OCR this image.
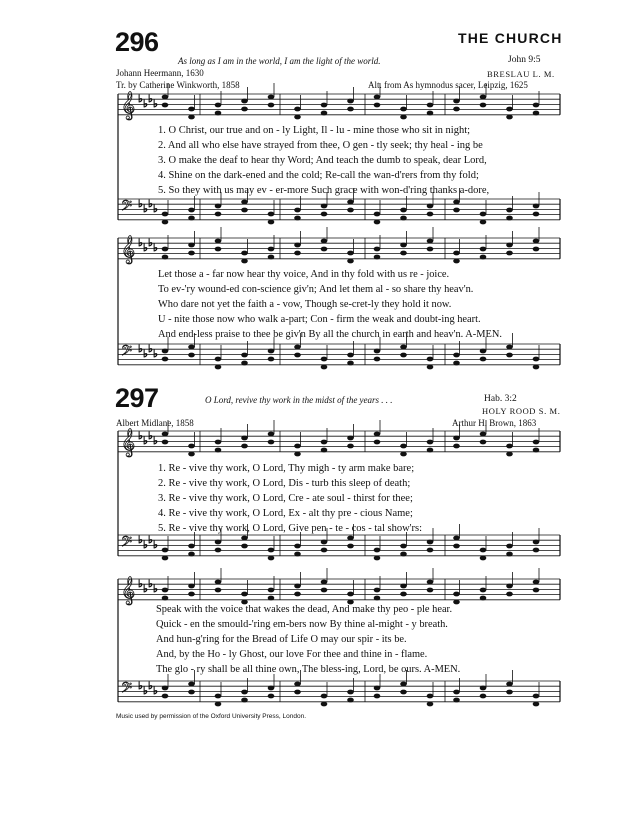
296	THE CHURCH
As long as I am in the world, I am the light of the world.	John 9:5
Johann Heermann, 1630	BRESLAU L. M.
Tr. by Catherine Winkworth, 1858	Alt. from As hymnodus sacer, Leipzig, 1625
𝄞 ♭ ♭ ♭ ♭
𝄢 ♭ ♭ ♭ ♭
𝄞 ♭ ♭ ♭ ♭
𝄢 ♭ ♭ ♭ ♭
𝄞 ♭ ♭ ♭ ♭
𝄢 ♭ ♭ ♭ ♭
𝄞 ♭ ♭ ♭ ♭
𝄢 ♭ ♭ ♭ ♭
1. O Christ, our true and on - ly Light, Il - lu - mine those who sit in night;
2. And all who else have strayed from thee, O gen - tly seek; thy heal - ing be
3. O make the deaf to hear thy Word; And teach the dumb to speak, dear Lord,
4. Shine on the dark-ened and the cold; Re-call the wan-d'rers from thy fold;
5. So they with us may ev - er-more Such grace with won-d'ring thanks a-dore,
Let those a - far now hear thy voice, And in thy fold with us re - joice.
To ev-'ry wound-ed con-science giv'n; And let them al - so share thy heav'n.
Who dare not yet the faith a - vow, Though se-cret-ly they hold it now.
U - nite those now who walk a-part; Con - firm the weak and doubt-ing heart.
And end-less praise to thee be giv'n By all the church in earth and heav'n. A-MEN.
297	O Lord, revive thy work in the midst of the years . . .	Hab. 3:2
HOLY ROOD S. M.
Albert Midlane, 1858	Arthur H. Brown, 1863
1. Re - vive thy work, O Lord, Thy migh - ty arm make bare;
2. Re - vive thy work, O Lord, Dis - turb this sleep of death;
3. Re - vive thy work, O Lord, Cre - ate soul - thirst for thee;
4. Re - vive thy work, O Lord, Ex - alt thy pre - cious Name;
5. Re - vive thy work, O Lord, Give pen - te - cos - tal show'rs:
Speak with the voice that wakes the dead, And make thy peo - ple hear.
Quick - en the smould-'ring em-bers now By thine al-might - y breath.
And hun-g'ring for the Bread of Life O may our spir - its be.
And, by the Ho - ly Ghost, our love For thee and thine in - flame.
The glo - ry shall be all thine own, The bless-ing, Lord, be ours. A-MEN.
Music used by permission of the Oxford University Press, London.
